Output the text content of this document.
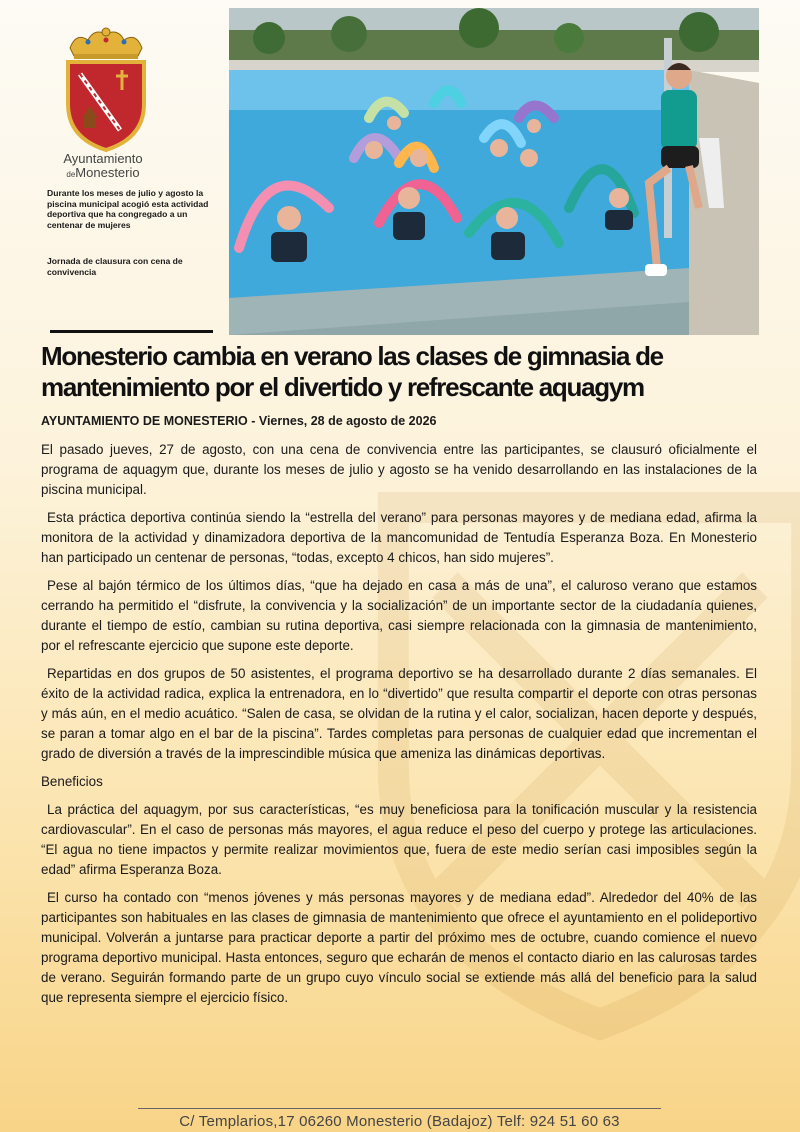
Ayuntamiento
deMonesterio
Durante los meses de julio y agosto la piscina municipal acogió esta actividad deportiva que ha congregado a un centenar de mujeres
Jornada de clausura con cena de convivencia
Monesterio cambia en verano las clases de gimnasia de mantenimiento por el divertido y refrescante aquagym
AYUNTAMIENTO DE MONESTERIO - Viernes, 28 de agosto de 2026

El pasado jueves, 27 de agosto, con una cena de convivencia entre las participantes, se clausuró oficialmente el programa de aquagym que, durante los meses de julio y agosto se ha venido desarrollando en las instalaciones de la piscina municipal.

Esta práctica deportiva continúa siendo la “estrella del verano” para personas mayores y de mediana edad, afirma la monitora de la actividad y dinamizadora deportiva de la mancomunidad de Tentudía Esperanza Boza. En Monesterio han participado un centenar de personas, “todas, excepto 4 chicos, han sido mujeres”.

Pese al bajón térmico de los últimos días, “que ha dejado en casa a más de una”, el caluroso verano que estamos cerrando ha permitido el “disfrute, la convivencia y la socialización” de un importante sector de la ciudadanía quienes, durante el tiempo de estío, cambian su rutina deportiva, casi siempre relacionada con la gimnasia de mantenimiento, por el refrescante ejercicio que supone este deporte.

Repartidas en dos grupos de 50 asistentes, el programa deportivo se ha desarrollado durante 2 días semanales. El éxito de la actividad radica, explica la entrenadora, en lo “divertido” que resulta compartir el deporte con otras personas y más aún, en el medio acuático. “Salen de casa, se olvidan de la rutina y el calor, socializan, hacen deporte y después, se paran a tomar algo en el bar de la piscina”. Tardes completas para personas de cualquier edad que incrementan el grado de diversión a través de la imprescindible música que ameniza las dinámicas deportivas.

Beneficios

La práctica del aquagym, por sus características, “es muy beneficiosa para la tonificación muscular y la resistencia cardiovascular”. En el caso de personas más mayores, el agua reduce el peso del cuerpo y protege las articulaciones. “El agua no tiene impactos y permite realizar movimientos que, fuera de este medio serían casi imposibles según la edad” afirma Esperanza Boza.

El curso ha contado con “menos jóvenes y más personas mayores y de mediana edad”. Alrededor del 40% de las participantes son habituales en las clases de gimnasia de mantenimiento que ofrece el ayuntamiento en el polideportivo municipal. Volverán a juntarse para practicar deporte a partir del próximo mes de octubre, cuando comience el nuevo programa deportivo municipal. Hasta entonces, seguro que echarán de menos el contacto diario en las calurosas tardes de verano. Seguirán formando parte de un grupo cuyo vínculo social se extiende más allá del beneficio para la salud que representa siempre el ejercicio físico.

C/ Templarios,17 06260 Monesterio (Badajoz) Telf: 924 51 60 63
